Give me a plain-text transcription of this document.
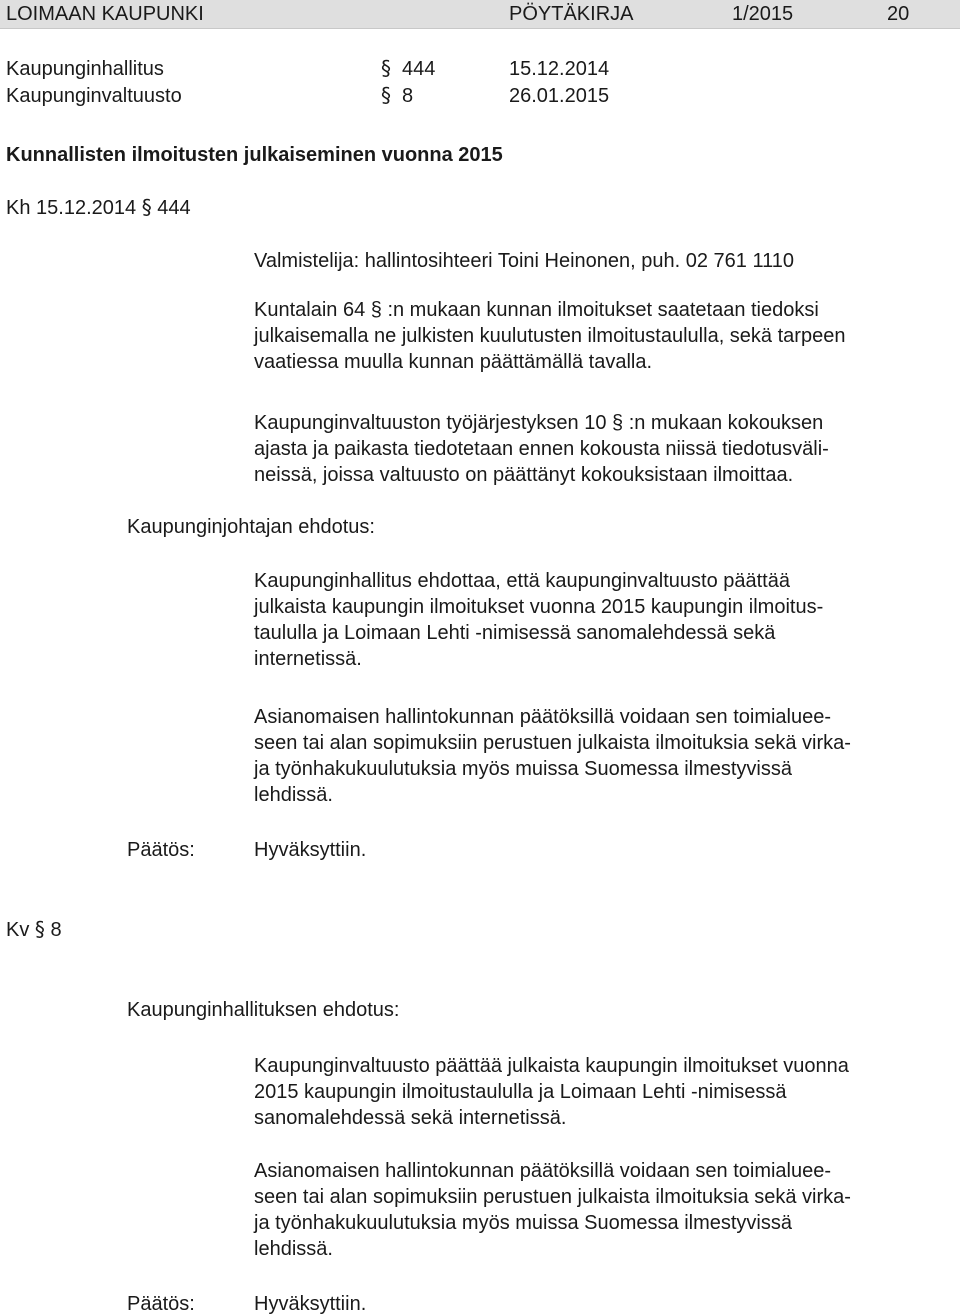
LOIMAAN KAUPUNKI	PÖYTÄKIRJA	1/2015	20
Kaupunginhallitus	§ 444	15.12.2014
Kaupunginvaltuusto	§ 8	26.01.2015
Kunnallisten ilmoitusten julkaiseminen vuonna 2015
Kh 15.12.2014 § 444
Valmistelija: hallintosihteeri Toini Heinonen, puh. 02 761 1110
Kuntalain 64 § :n mukaan kunnan ilmoitukset saatetaan tiedoksi
julkaisemalla ne julkisten kuulutusten ilmoitustaululla, sekä tarpeen
vaatiessa muulla kunnan päättämällä tavalla.
Kaupunginvaltuuston työjärjestyksen 10 § :n mukaan kokouksen
ajasta ja paikasta tiedotetaan ennen kokousta niissä tiedotusväli-
neissä, joissa valtuusto on päättänyt kokouksistaan ilmoittaa.
Kaupunginjohtajan ehdotus:
Kaupunginhallitus ehdottaa, että kaupunginvaltuusto päättää
julkaista kaupungin ilmoitukset vuonna 2015 kaupungin ilmoitus-
taululla ja Loimaan Lehti -nimisessä sanomalehdessä sekä
internetissä.
Asianomaisen hallintokunnan päätöksillä voidaan sen toimialuee-
seen tai alan sopimuksiin perustuen julkaista ilmoituksia sekä virka-
ja työnhakukuulutuksia myös muissa Suomessa ilmestyvissä
lehdissä.
Päätös:	Hyväksyttiin.
Kv § 8
Kaupunginhallituksen ehdotus:
Kaupunginvaltuusto päättää julkaista kaupungin ilmoitukset vuonna
2015 kaupungin ilmoitustaululla ja Loimaan Lehti -nimisessä
sanomalehdessä sekä internetissä.
Asianomaisen hallintokunnan päätöksillä voidaan sen toimialuee-
seen tai alan sopimuksiin perustuen julkaista ilmoituksia sekä virka-
ja työnhakukuulutuksia myös muissa Suomessa ilmestyvissä
lehdissä.
Päätös:	Hyväksyttiin.
